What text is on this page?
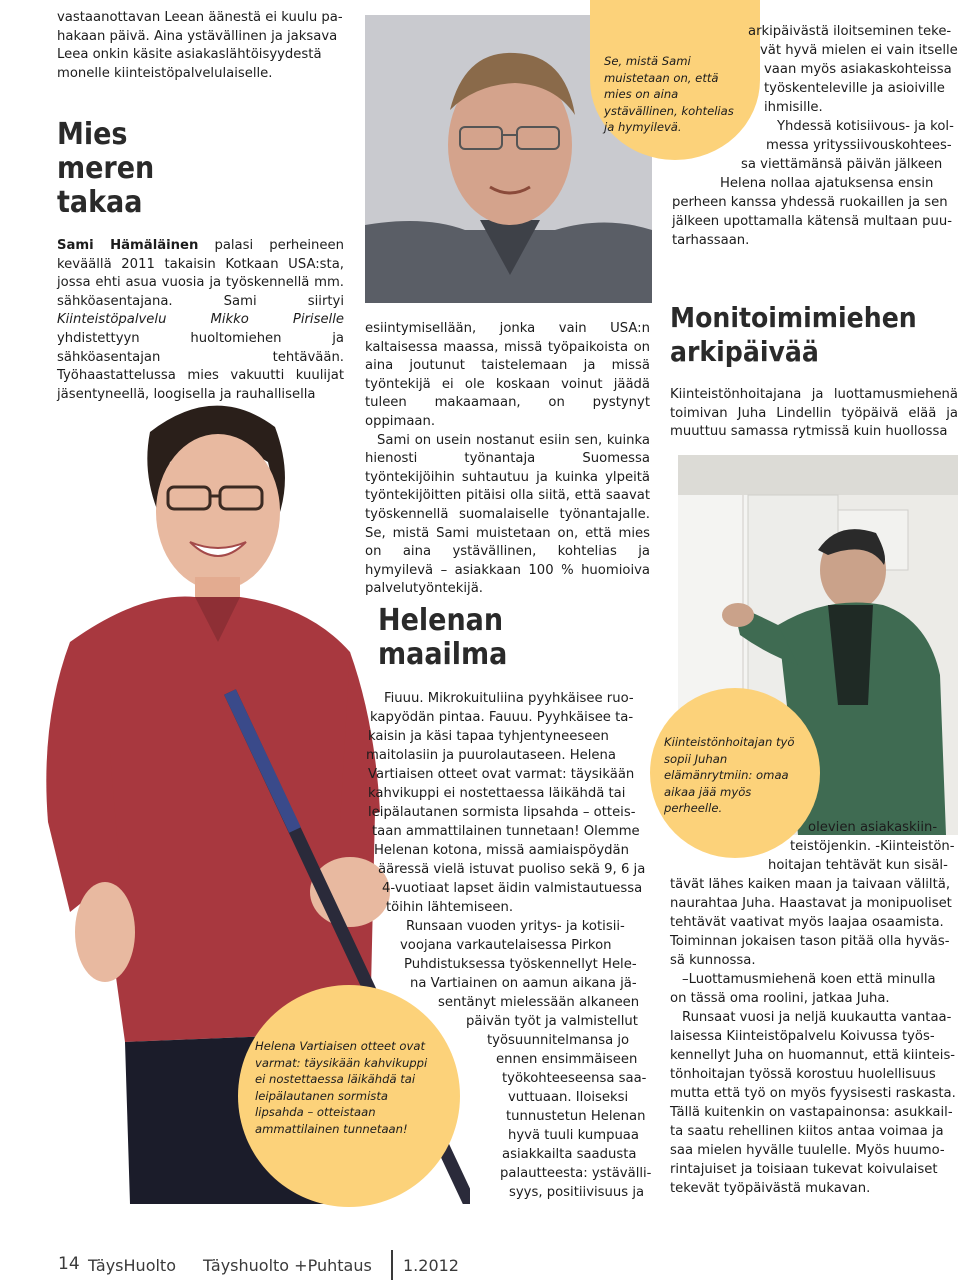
vastaanottavan Leean äänestä ei kuulu pa-
hakaan päivä. Aina ystävällinen ja jaksava
Leea onkin käsite asiakaslähtöisyydestä
monelle kiinteistöpalvelulaiselle.
Mies
meren
takaa

Sami Hämäläinen palasi perheineen keväällä 2011 takaisin Kotkaan USA:sta, jossa ehti asua vuosia ja työskennellä mm. sähköasentajana. Sami siirtyi Kiinteistöpalvelu Mikko Piriselle yhdistettyyn huoltomiehen ja sähköasentajan tehtävään. Työhaastattelussa mies vakuutti kuulijat jäsentyneellä, loogisella ja rauhallisella

Helena Vartiaisen otteet ovat varmat: täysikään kahvikuppi ei nostettaessa läikähdä tai leipälautanen sormista lipsahda – otteistaan ammattilainen tunnetaan!
Se, mistä Sami muistetaan on, että mies on aina ystävällinen, kohtelias ja hymyilevä.

esiintymisellään, jonka vain USA:n kaltaisessa maassa, missä työpaikoista on aina joutunut taistelemaan ja missä työntekijä ei ole koskaan voinut jäädä tuleen makaamaan, on pystynyt oppimaan.

Sami on usein nostanut esiin sen, kuinka hienosti työnantaja Suomessa työntekijöihin suhtautuu ja kuinka ylpeitä työntekijöitten pitäisi olla siitä, että saavat työskennellä suomalaiselle työnantajalle. Se, mistä Sami muistetaan on, että mies on aina ystävällinen, kohtelias ja hymyilevä – asiakkaan 100 % huomioiva palvelutyöntekijä.

Helenan
maailma
Fiuuu. Mikrokuituliina pyyhkäisee ruo-
kapyödän pintaa. Fauuu. Pyyhkäisee ta-
kaisin ja käsi tapaa tyhjentyneeseen
maitolasiin ja puurolautaseen. Helena
Vartiaisen otteet ovat varmat: täysikään
kahvikuppi ei nostettaessa läikähdä tai
leipälautanen sormista lipsahda – otteis-
taan ammattilainen tunnetaan! Olemme
Helenan kotona, missä aamiaispöydän
ääressä vielä istuvat puoliso sekä 9, 6 ja
4-vuotiaat lapset äidin valmistautuessa
töihin lähtemiseen.
Runsaan vuoden yritys- ja kotisii-
voojana varkautelaisessa Pirkon
Puhdistuksessa työskennellyt Hele-
na Vartiainen on aamun aikana jä-
sentänyt mielessään alkaneen
päivän työt ja valmistellut
työsuunnitelmansa jo
ennen ensimmäiseen
työkohteeseensa saa-
vuttuaan. Iloiseksi
tunnustetun Helenan
hyvä tuuli kumpuaa
asiakkailta saadusta
palautteesta: ystävälli-
syys, positiivisuus ja
arkipäivästä iloitseminen teke-
vät hyvä mielen ei vain itselle
vaan myös asiakaskohteissa
työskenteleville ja asioiville
ihmisille.
Yhdessä kotisiivous- ja kol-
messa yrityssiivouskohtees-
sa viettämänsä päivän jälkeen
Helena nollaa ajatuksensa ensin
perheen kanssa yhdessä ruokaillen ja sen
jälkeen upottamalla kätensä multaan puu-
tarhassaan.
Monitoimimiehen
arkipäivää

Kiinteistönhoitajana ja luottamusmiehenä toimivan Juha Lindellin työpäivä elää ja muuttuu samassa rytmissä kuin huollossa

Kiinteistönhoitajan työ sopii Juhan elämänrytmiin: omaa aikaa jää myös perheelle.
olevien asiakaskiin-
teistöjenkin. -Kiinteistön-
hoitajan tehtävät kun sisäl-
tävät lähes kaiken maan ja taivaan väliltä,
naurahtaa Juha. Haastavat ja monipuoliset
tehtävät vaativat myös laajaa osaamista.
Toiminnan jokaisen tason pitää olla hyväs-
sä kunnossa.
–Luottamusmiehenä koen että minulla
on tässä oma roolini, jatkaa Juha.
Runsaat vuosi ja neljä kuukautta vantaa-
laisessa Kiinteistöpalvelu Koivussa työs-
kennellyt Juha on huomannut, että kiinteis-
tönhoitajan työssä korostuu huolellisuus
mutta että työ on myös fyysisesti raskasta.
Tällä kuitenkin on vastapainonsa: asukkail-
ta saatu rehellinen kiitos antaa voimaa ja
saa mielen hyvälle tuulelle. Myös huumo-
rintajuiset ja toisiaan tukevat koivulaiset
tekevät työpäivästä mukavan.
14 TäysHuolto Täyshuolto +Puhtaus 1.2012
